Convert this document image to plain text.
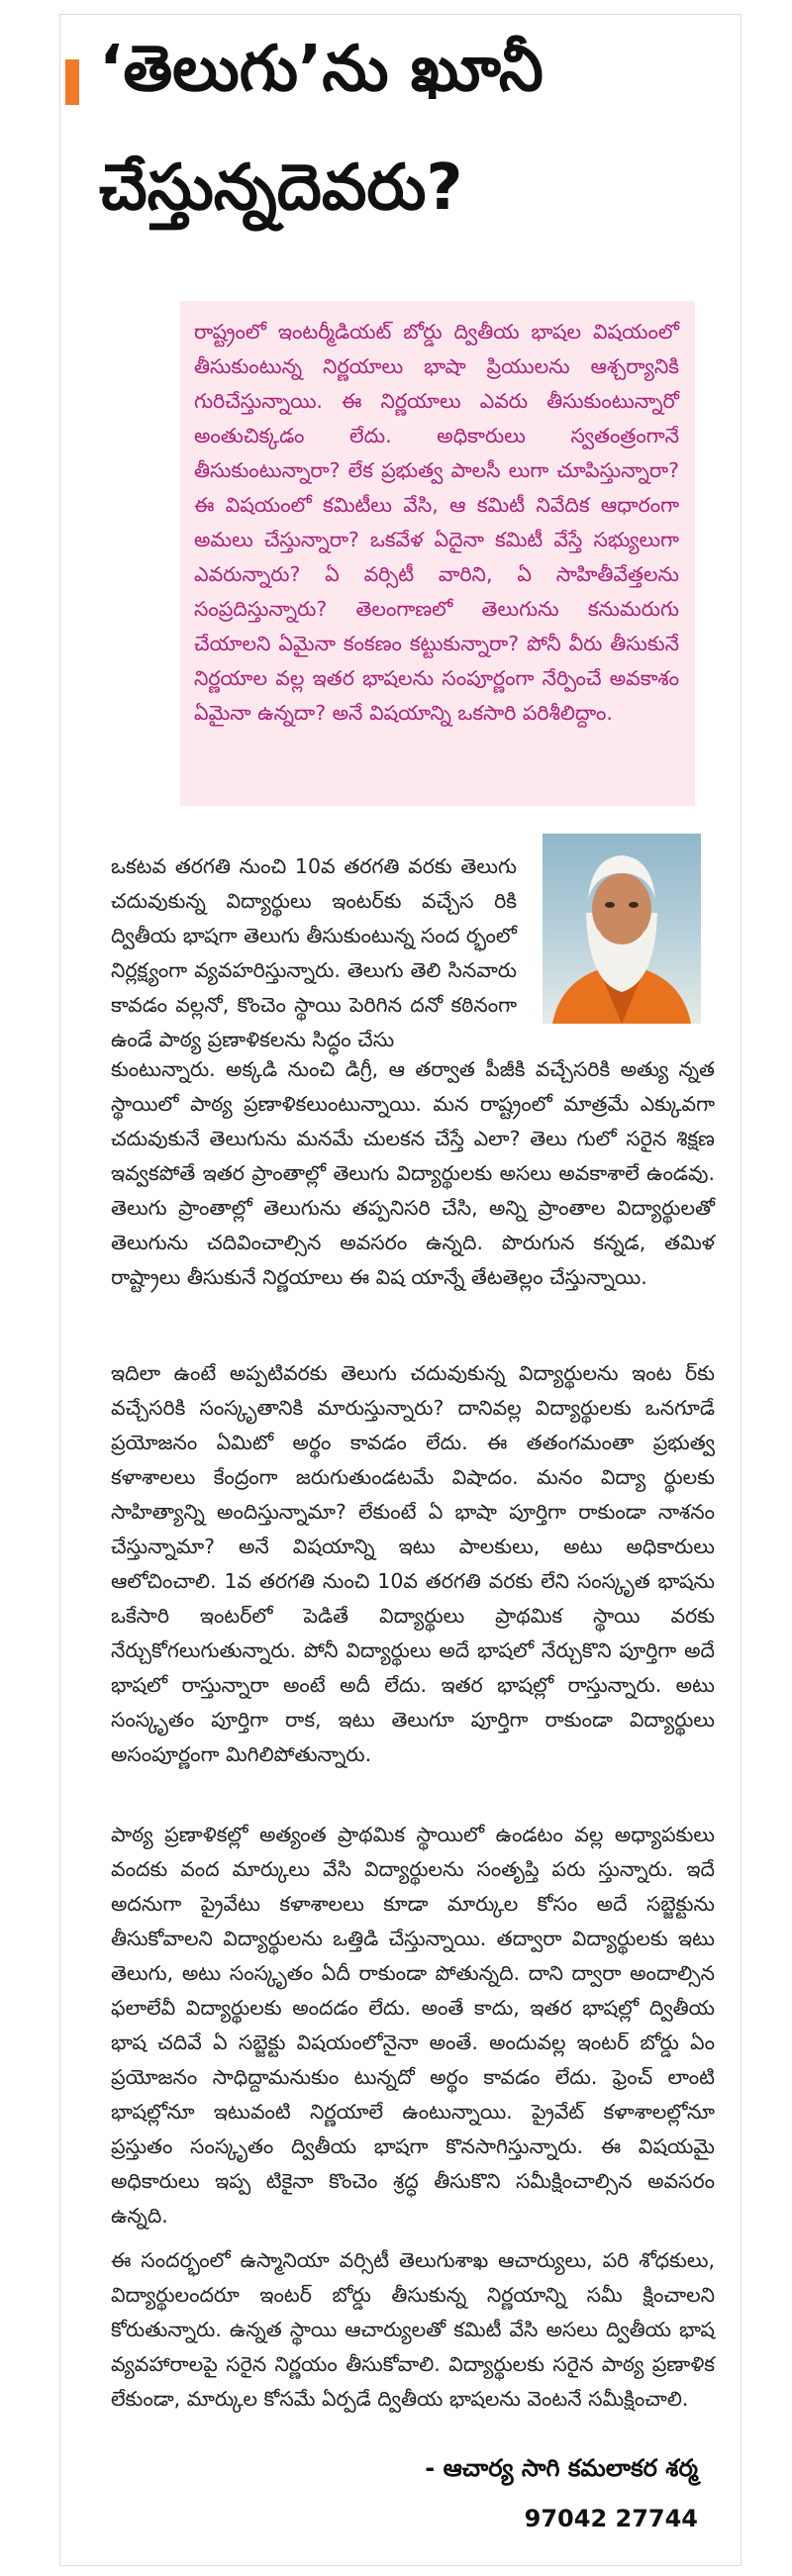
‘తెలుగు’ను ఖూనీ
చేస్తున్నదెవరు?
రాష్ట్రంలో ఇంటర్మీడియట్ బోర్డు ద్వితీయ భాషల విషయంలో తీసుకుంటున్న నిర్ణయాలు భాషా ప్రియులను ఆశ్చర్యానికి గురిచేస్తున్నాయి. ఈ నిర్ణయాలు ఎవరు తీసుకుంటున్నారో అంతుచిక్కడం లేదు. అధికారులు స్వతంత్రంగానే తీసుకుంటున్నారా? లేక ప్రభుత్వ పాలసీ లుగా చూపిస్తున్నారా? ఈ విషయంలో కమిటీలు వేసి, ఆ కమిటీ నివేదిక ఆధారంగా అమలు చేస్తున్నారా? ఒకవేళ ఏదైనా కమిటీ వేస్తే సభ్యులుగా ఎవరున్నారు? ఏ వర్సిటీ వారిని, ఏ సాహితీవేత్తలను సంప్రదిస్తున్నారు? తెలంగాణలో తెలుగును కనుమరుగు చేయాలని ఏమైనా కంకణం కట్టుకున్నారా? పోనీ వీరు తీసుకునే నిర్ణయాల వల్ల ఇతర భాషలను సంపూర్ణంగా నేర్పించే అవకాశం ఏమైనా ఉన్నదా? అనే విషయాన్ని ఒకసారి పరిశీలిద్దాం.
ఒకటవ తరగతి నుంచి 10వ తరగతి వరకు తెలుగు చదువుకున్న విద్యార్థులు ఇంటర్‌కు వచ్చేస రికి ద్వితీయ భాషగా తెలుగు తీసుకుంటున్న సంద ర్భంలో నిర్లక్ష్యంగా వ్యవహరిస్తున్నారు. తెలుగు తెలి సినవారు కావడం వల్లనో, కొంచెం స్థాయి పెరిగిన దనో కఠినంగా ఉండే పాఠ్య ప్రణాళికలను సిద్ధం చేసు
కుంటున్నారు. అక్కడి నుంచి డిగ్రీ, ఆ తర్వాత పీజీకి వచ్చేసరికి అత్యు న్నత స్థాయిలో పాఠ్య ప్రణాళికలుంటున్నాయి. మన రాష్ట్రంలో మాత్రమే ఎక్కువగా చదువుకునే తెలుగును మనమే చులకన చేస్తే ఎలా? తెలు గులో సరైన శిక్షణ ఇవ్వకపోతే ఇతర ప్రాంతాల్లో తెలుగు విద్యార్థులకు అసలు అవకాశాలే ఉండవు. తెలుగు ప్రాంతాల్లో తెలుగును తప్పనిసరి చేసి, అన్ని ప్రాంతాల విద్యార్థులతో తెలుగును చదివించాల్సిన అవసరం ఉన్నది. పొరుగున కన్నడ, తమిళ రాష్ట్రాలు తీసుకునే నిర్ణయాలు ఈ విష యాన్నే తేటతెల్లం చేస్తున్నాయి.
ఇదిలా ఉంటే అప్పటివరకు తెలుగు చదువుకున్న విద్యార్థులను ఇంట ర్‌కు వచ్చేసరికి సంస్కృతానికి మారుస్తున్నారు? దానివల్ల విద్యార్థులకు ఒనగూడే ప్రయోజనం ఏమిటో అర్థం కావడం లేదు. ఈ తతంగమంతా ప్రభుత్వ కళాశాలలు కేంద్రంగా జరుగుతుండటమే విషాదం. మనం విద్యా ర్థులకు సాహిత్యాన్ని అందిస్తున్నామా? లేకుంటే ఏ భాషా పూర్తిగా రాకుండా నాశనం చేస్తున్నామా? అనే విషయాన్ని ఇటు పాలకులు, అటు అధికారులు ఆలోచించాలి. 1వ తరగతి నుంచి 10వ తరగతి వరకు లేని సంస్కృత భాషను ఒకేసారి ఇంటర్‌లో పెడితే విద్యార్థులు ప్రాథమిక స్థాయి వరకు నేర్చుకోగలుగుతున్నారు. పోనీ విద్యార్థులు అదే భాషలో నేర్చుకొని పూర్తిగా అదే భాషలో రాస్తున్నారా అంటే అదీ లేదు. ఇతర భాషల్లో రాస్తున్నారు. అటు సంస్కృతం పూర్తిగా రాక, ఇటు తెలుగూ పూర్తిగా రాకుండా విద్యార్థులు అసంపూర్ణంగా మిగిలిపోతున్నారు.
పాఠ్య ప్రణాళికల్లో అత్యంత ప్రాథమిక స్థాయిలో ఉండటం వల్ల అధ్యాపకులు వందకు వంద మార్కులు వేసి విద్యార్థులను సంతృప్తి పరు స్తున్నారు. ఇదే అదనుగా ప్రైవేటు కళాశాలలు కూడా మార్కుల కోసం అదే సబ్జెక్టును తీసుకోవాలని విద్యార్థులను ఒత్తిడి చేస్తున్నాయి. తద్వారా విద్యార్థులకు ఇటు తెలుగు, అటు సంస్కృతం ఏదీ రాకుండా పోతున్నది. దాని ద్వారా అందాల్సిన ఫలాలేవీ విద్యార్థులకు అందడం లేదు. అంతే కాదు, ఇతర భాషల్లో ద్వితీయ భాష చదివే ఏ సబ్జెక్టు విషయంలోనైనా అంతే. అందువల్ల ఇంటర్ బోర్డు ఏం ప్రయోజనం సాధిద్దామనుకుం టున్నదో అర్థం కావడం లేదు. ఫ్రెంచ్ లాంటి భాషల్లోనూ ఇటువంటి నిర్ణయాలే ఉంటున్నాయి. ప్రైవేట్ కళాశాలల్లోనూ ప్రస్తుతం సంస్కృతం ద్వితీయ భాషగా కొనసాగిస్తున్నారు. ఈ విషయమై అధికారులు ఇప్ప టికైనా కొంచెం శ్రద్ధ తీసుకొని సమీక్షించాల్సిన అవసరం ఉన్నది.
ఈ సందర్భంలో ఉస్మానియా వర్సిటీ తెలుగుశాఖ ఆచార్యులు, పరి శోధకులు, విద్యార్థులందరూ ఇంటర్ బోర్డు తీసుకున్న నిర్ణయాన్ని సమీ క్షించాలని కోరుతున్నారు. ఉన్నత స్థాయి ఆచార్యులతో కమిటీ వేసి అసలు ద్వితీయ భాష వ్యవహారాలపై సరైన నిర్ణయం తీసుకోవాలి. విద్యార్థులకు సరైన పాఠ్య ప్రణాళిక లేకుండా, మార్కుల కోసమే ఏర్పడే ద్వితీయ భాషలను వెంటనే సమీక్షించాలి.
- ఆచార్య సాగి కమలాకర శర్మ
97042 27744
